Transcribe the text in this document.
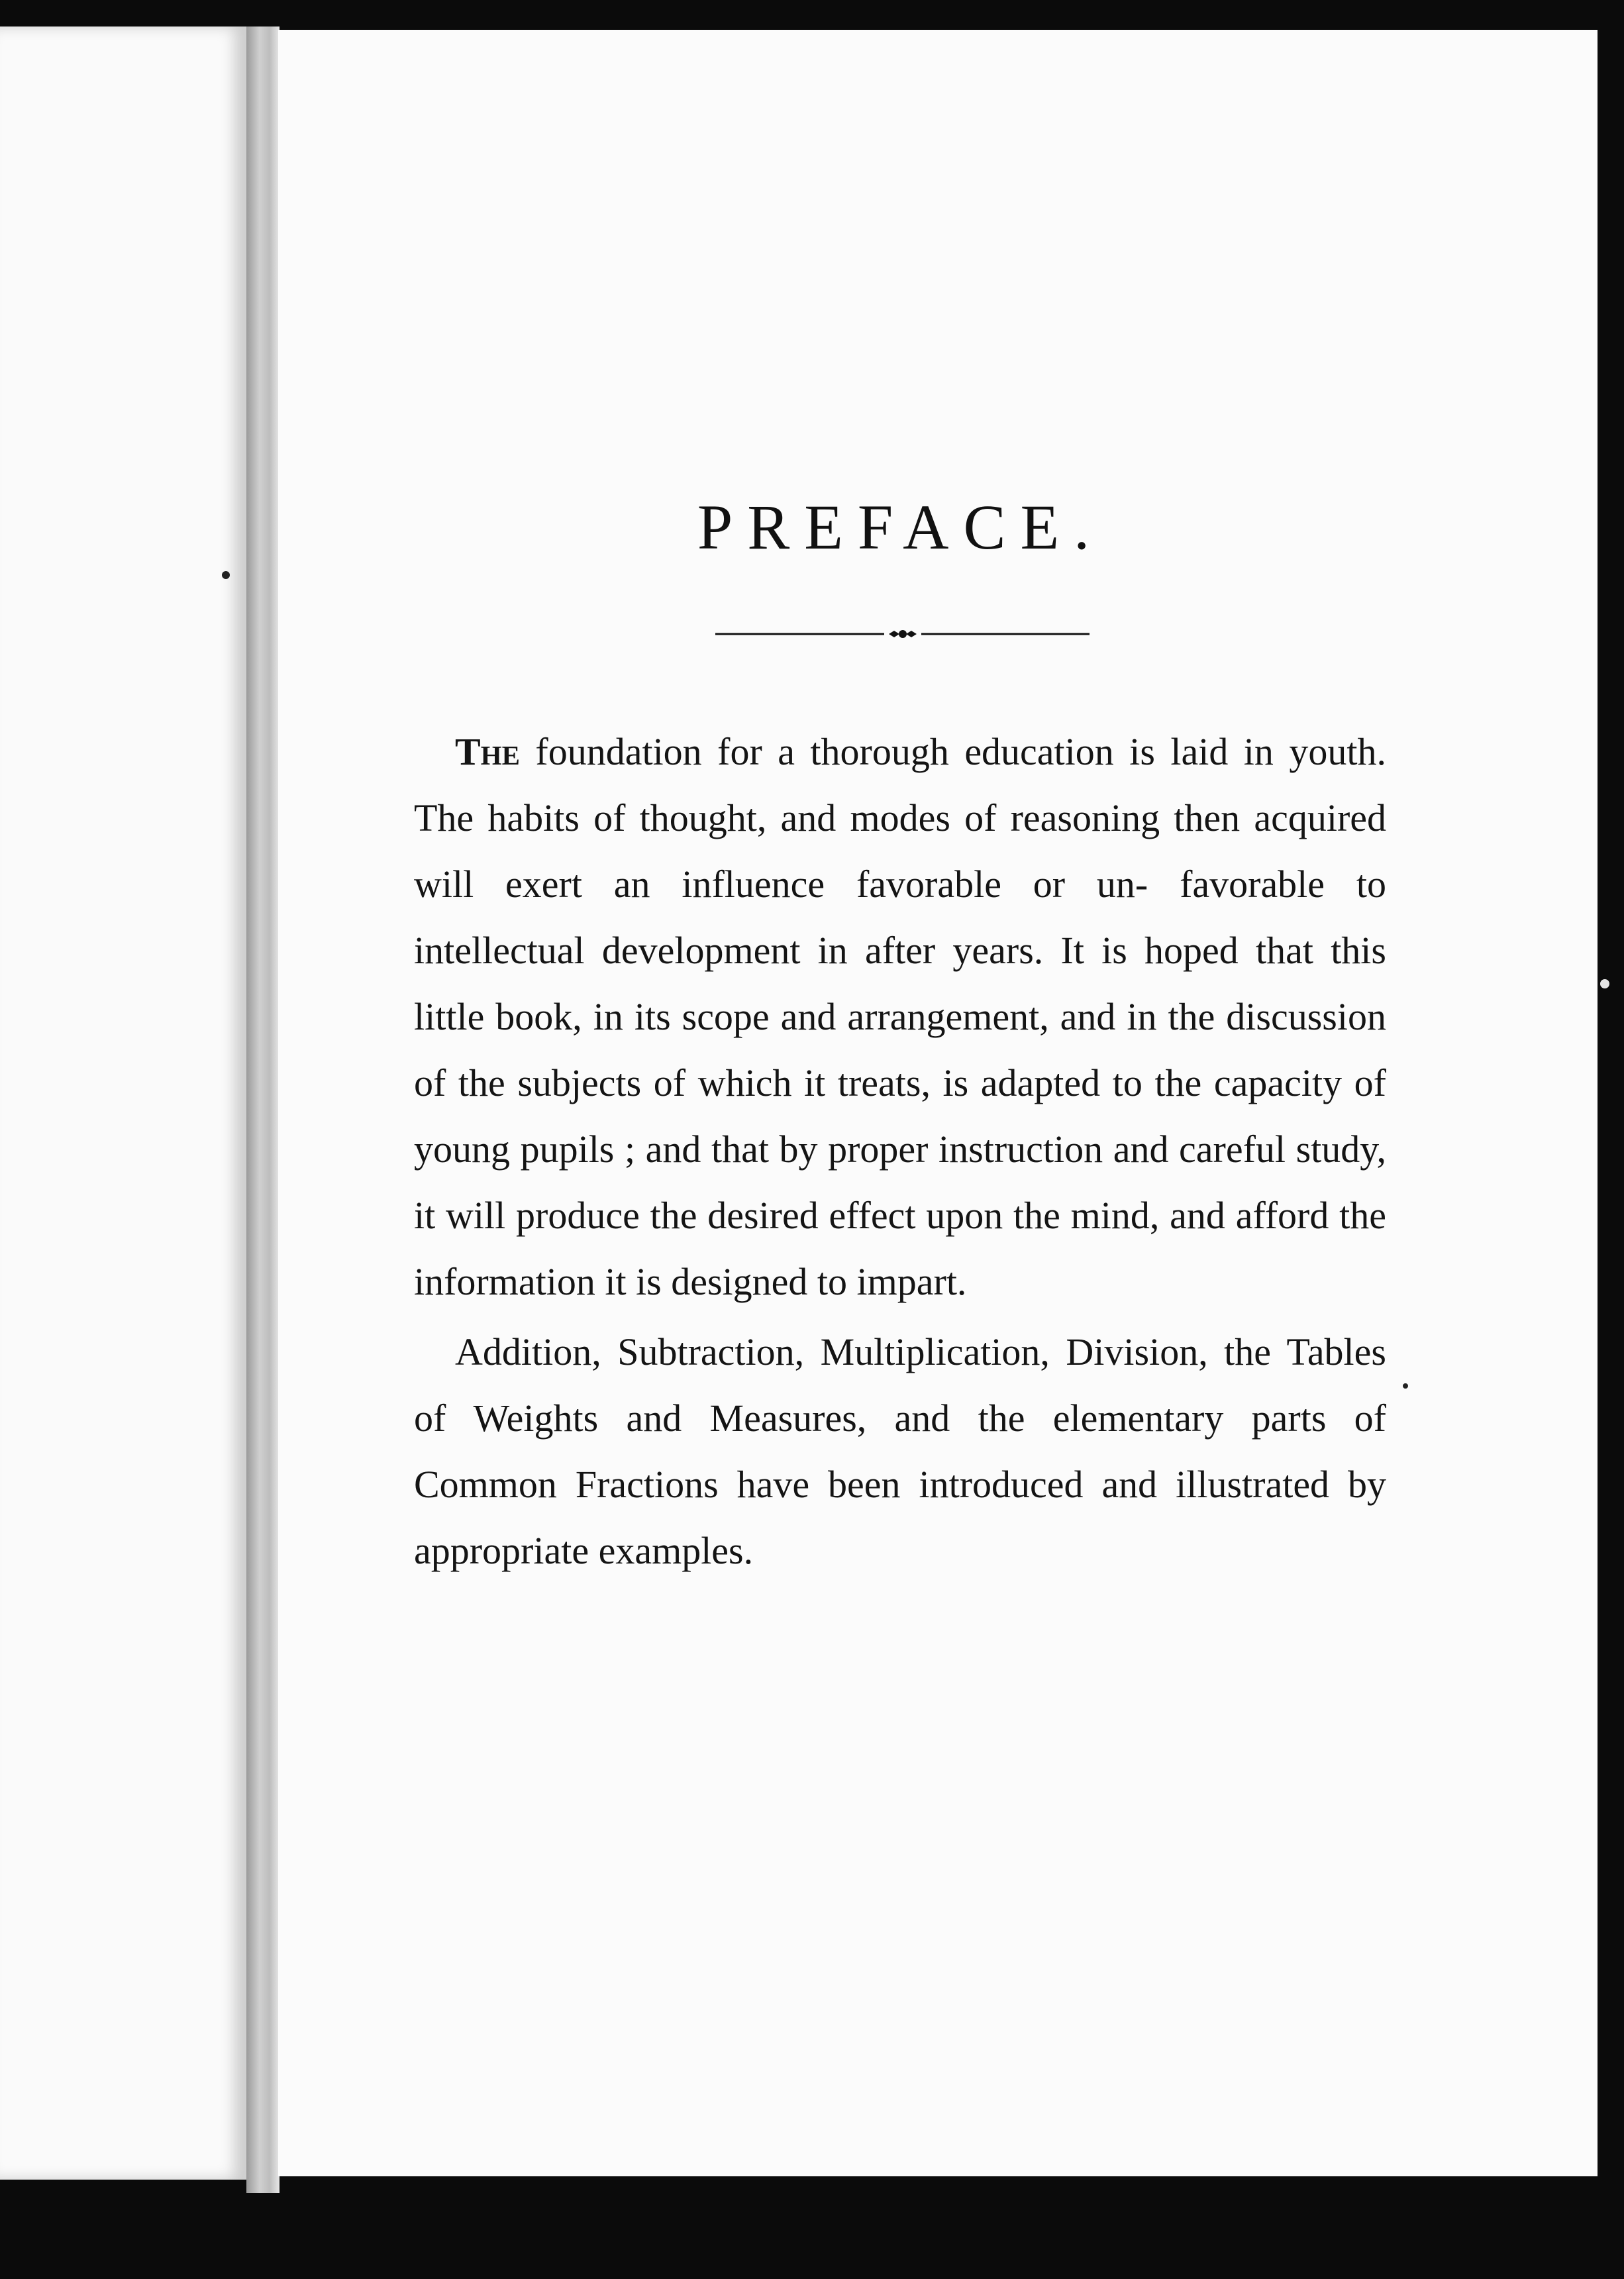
PREFACE.

The foundation for a thorough education is laid in youth. The habits of thought, and modes of reasoning then acquired will exert an influence favorable or un- favorable to intellectual development in after years. It is hoped that this little book, in its scope and arrangement, and in the discussion of the subjects of which it treats, is adapted to the capacity of young pupils ; and that by proper instruction and careful study, it will produce the desired effect upon the mind, and afford the information it is designed to impart.

Addition, Subtraction, Multiplication, Division, the Tables of Weights and Measures, and the elementary parts of Common Fractions have been introduced and illustrated by appropriate examples.
